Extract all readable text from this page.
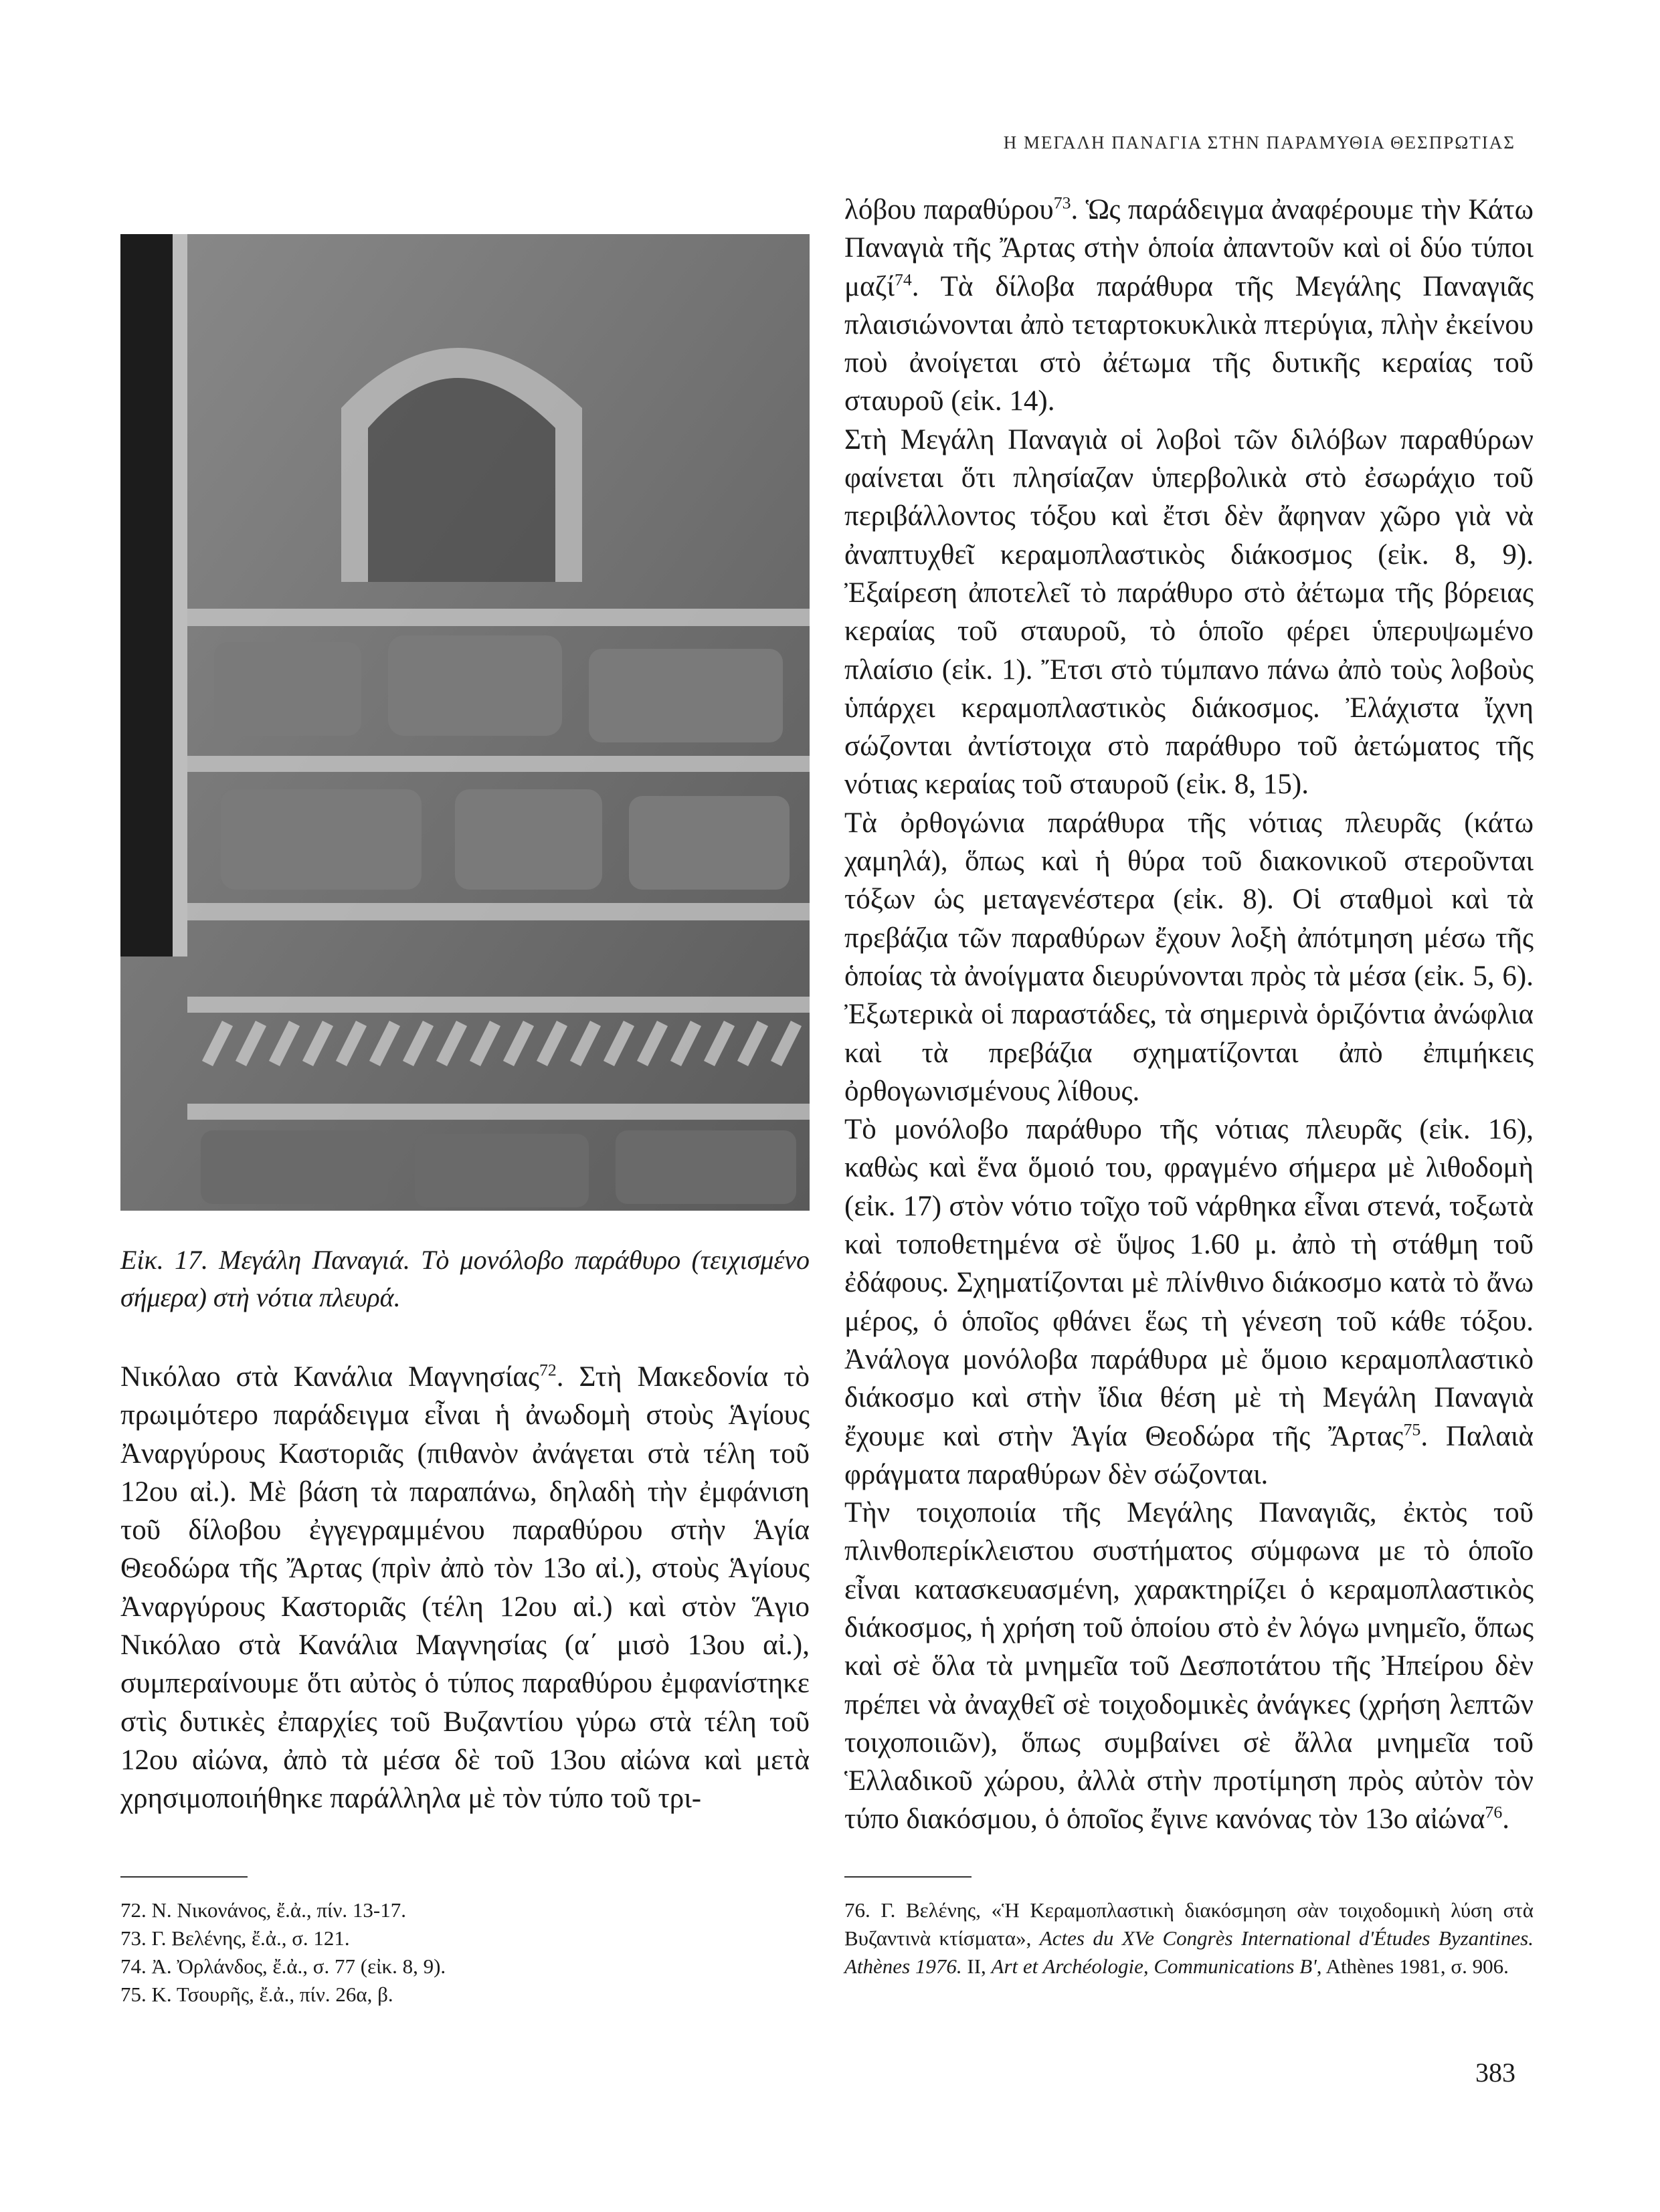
Η ΜΕΓΑΛΗ ΠΑΝΑΓΙΑ ΣΤΗΝ ΠΑΡΑΜΥΘΙΑ ΘΕΣΠΡΩΤΙΑΣ
Εἰκ. 17. Μεγάλη Παναγιά. Τὸ μονόλοβο παράθυρο (τειχισμένο σήμερα) στὴ νότια πλευρά.

Νικόλαο στὰ Κανάλια Μαγνησίας$^{72}$. Στὴ Μακεδονία τὸ πρωιμότερο παράδειγμα εἶναι ἡ ἀνωδομὴ στοὺς Ἁγίους Ἀναργύρους Καστοριᾶς (πιθανὸν ἀνάγεται στὰ τέλη τοῦ 12ου αἰ.). Μὲ βάση τὰ παραπάνω, δηλαδὴ τὴν ἐμφάνιση τοῦ δίλοβου ἐγγεγραμμένου παραθύρου στὴν Ἁγία Θεοδώρα τῆς Ἄρτας (πρὶν ἀπὸ τὸν 13ο αἰ.), στοὺς Ἁγίους Ἀναργύρους Καστοριᾶς (τέλη 12ου αἰ.) καὶ στὸν Ἅγιο Νικόλαο στὰ Κανάλια Μαγνησίας (α΄ μισὸ 13ου αἰ.), συμπεραίνουμε ὅτι αὐτὸς ὁ τύπος παραθύρου ἐμφανίστηκε στὶς δυτικὲς ἐπαρχίες τοῦ Βυζαντίου γύρω στὰ τέλη τοῦ 12ου αἰώνα, ἀπὸ τὰ μέσα δὲ τοῦ 13ου αἰώνα καὶ μετὰ χρησιμοποιήθηκε παράλληλα μὲ τὸν τύπο τοῦ τρι-

λόβου παραθύρου$^{73}$. Ὡς παράδειγμα ἀναφέρουμε τὴν Κάτω Παναγιὰ τῆς Ἄρτας στὴν ὁποία ἀπαντοῦν καὶ οἱ δύο τύποι μαζί$^{74}$. Τὰ δίλοβα παράθυρα τῆς Μεγάλης Παναγιᾶς πλαισιώνονται ἀπὸ τεταρτοκυκλικὰ πτερύγια, πλὴν ἐκείνου ποὺ ἀνοίγεται στὸ ἀέτωμα τῆς δυτικῆς κεραίας τοῦ σταυροῦ (εἰκ. 14).

Στὴ Μεγάλη Παναγιὰ οἱ λοβοὶ τῶν διλόβων παραθύρων φαίνεται ὅτι πλησίαζαν ὑπερβολικὰ στὸ ἐσωράχιο τοῦ περιβάλλοντος τόξου καὶ ἔτσι δὲν ἄφηναν χῶρο γιὰ νὰ ἀναπτυχθεῖ κεραμοπλαστικὸς διάκοσμος (εἰκ. 8, 9). Ἐξαίρεση ἀποτελεῖ τὸ παράθυρο στὸ ἀέτωμα τῆς βόρειας κεραίας τοῦ σταυροῦ, τὸ ὁποῖο φέρει ὑπερυψωμένο πλαίσιο (εἰκ. 1). Ἔτσι στὸ τύμπανο πάνω ἀπὸ τοὺς λοβοὺς ὑπάρχει κεραμοπλαστικὸς διάκοσμος. Ἐλάχιστα ἴχνη σώζονται ἀντίστοιχα στὸ παράθυρο τοῦ ἀετώματος τῆς νότιας κεραίας τοῦ σταυροῦ (εἰκ. 8, 15).

Τὰ ὀρθογώνια παράθυρα τῆς νότιας πλευρᾶς (κάτω χαμηλά), ὅπως καὶ ἡ θύρα τοῦ διακονικοῦ στεροῦνται τόξων ὡς μεταγενέστερα (εἰκ. 8). Οἱ σταθμοὶ καὶ τὰ πρεβάζια τῶν παραθύρων ἔχουν λοξὴ ἀπότμηση μέσω τῆς ὁποίας τὰ ἀνοίγματα διευρύνονται πρὸς τὰ μέσα (εἰκ. 5, 6). Ἐξωτερικὰ οἱ παραστάδες, τὰ σημερινὰ ὁριζόντια ἀνώφλια καὶ τὰ πρεβάζια σχηματίζονται ἀπὸ ἐπιμήκεις ὀρθογωνισμένους λίθους.

Τὸ μονόλοβο παράθυρο τῆς νότιας πλευρᾶς (εἰκ. 16), καθὼς καὶ ἕνα ὅμοιό του, φραγμένο σήμερα μὲ λιθοδομὴ (εἰκ. 17) στὸν νότιο τοῖχο τοῦ νάρθηκα εἶναι στενά, τοξωτὰ καὶ τοποθετημένα σὲ ὕψος 1.60 μ. ἀπὸ τὴ στάθμη τοῦ ἐδάφους. Σχηματίζονται μὲ πλίνθινο διάκοσμο κατὰ τὸ ἄνω μέρος, ὁ ὁποῖος φθάνει ἕως τὴ γένεση τοῦ κάθε τόξου. Ἀνάλογα μονόλοβα παράθυρα μὲ ὅμοιο κεραμοπλαστικὸ διάκοσμο καὶ στὴν ἴδια θέση μὲ τὴ Μεγάλη Παναγιὰ ἔχουμε καὶ στὴν Ἁγία Θεοδώρα τῆς Ἄρτας$^{75}$. Παλαιὰ φράγματα παραθύρων δὲν σώζονται.

Τὴν τοιχοποιία τῆς Μεγάλης Παναγιᾶς, ἐκτὸς τοῦ πλινθοπερίκλειστου συστήματος σύμφωνα με τὸ ὁποῖο εἶναι κατασκευασμένη, χαρακτηρίζει ὁ κεραμοπλαστικὸς διάκοσμος, ἡ χρήση τοῦ ὁποίου στὸ ἐν λόγω μνημεῖο, ὅπως καὶ σὲ ὅλα τὰ μνημεῖα τοῦ Δεσποτάτου τῆς Ἠπείρου δὲν πρέπει νὰ ἀναχθεῖ σὲ τοιχοδομικὲς ἀνάγκες (χρήση λεπτῶν τοιχοποιιῶν), ὅπως συμβαίνει σὲ ἄλλα μνημεῖα τοῦ Ἑλλαδικοῦ χώρου, ἀλλὰ στὴν προτίμηση πρὸς αὐτὸν τὸν τύπο διακόσμου, ὁ ὁποῖος ἔγινε κανόνας τὸν 13ο αἰώνα$^{76}$.

72. Ν. Νικονάνος, ἔ.ἀ., πίν. 13-17.
73. Γ. Βελένης, ἔ.ἀ., σ. 121.
74. Ἀ. Ὀρλάνδος, ἔ.ἀ., σ. 77 (εἰκ. 8, 9).
75. Κ. Τσουρῆς, ἔ.ἀ., πίν. 26α, β.
76. Γ. Βελένης, «Ἡ Κεραμοπλαστικὴ διακόσμηση σὰν τοιχοδομικὴ λύση στὰ Βυζαντινὰ κτίσματα», Actes du XVe Congrès International d'Études Byzantines. Athènes 1976. II, Art et Archéologie, Communications B', Athènes 1981, σ. 906.
383
